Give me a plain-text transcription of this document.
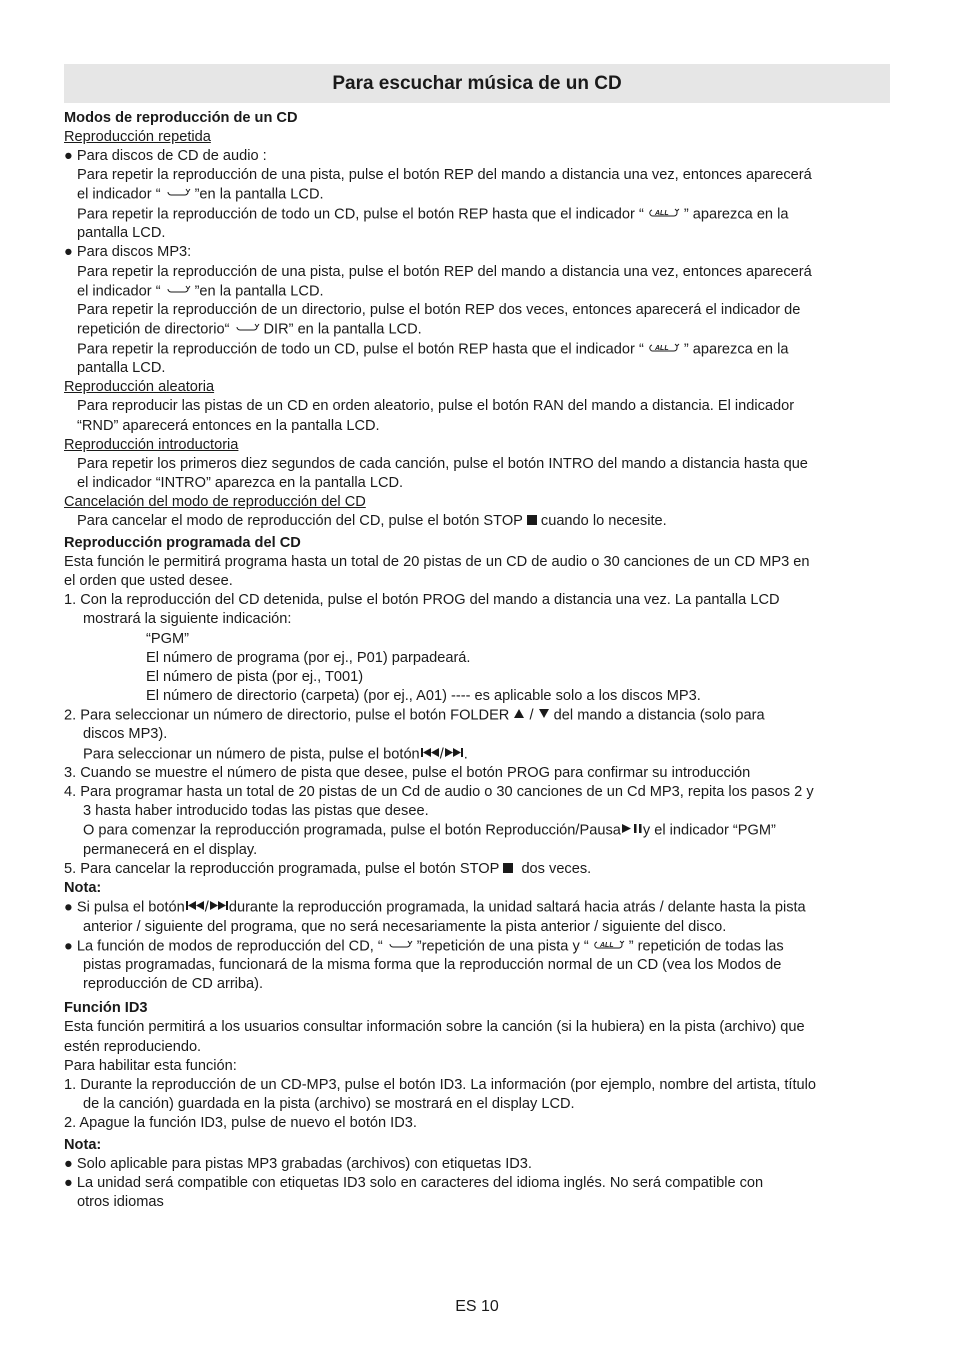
Para escuchar música de un CD
Modos de reproducción de un CD
Reproducción repetida
● Para discos de CD de audio :
Para repetir la reproducción de una pista, pulse el botón REP del mando a distancia una vez, entonces aparecerá
el indicador “ ”en la pantalla LCD.
Para repetir la reproducción de todo un CD, pulse el botón REP hasta que el indicador “ ALL ” aparezca en la
pantalla LCD.
● Para discos MP3:
Para repetir la reproducción de una pista, pulse el botón REP del mando a distancia una vez, entonces aparecerá
el indicador “ ”en la pantalla LCD.
Para repetir la reproducción de un directorio, pulse el botón REP dos veces, entonces aparecerá el indicador de
repetición de directorio“ DIR” en la pantalla LCD.
Para repetir la reproducción de todo un CD, pulse el botón REP hasta que el indicador “ ALL ” aparezca en la
pantalla LCD.
Reproducción aleatoria
Para reproducir las pistas de un CD en orden aleatorio, pulse el botón RAN del mando a distancia. El indicador
“RND” aparecerá entonces en la pantalla LCD.
Reproducción introductoria
Para repetir los primeros diez segundos de cada canción, pulse el botón INTRO del mando a distancia hasta que
el indicador “INTRO” aparezca en la pantalla LCD.
Cancelación del modo de reproducción del CD
Para cancelar el modo de reproducción del CD, pulse el botón STOP cuando lo necesite.
Reproducción programada del CD
Esta función le permitirá programa hasta un total de 20 pistas de un CD de audio o 30 canciones de un CD MP3 en
el orden que usted desee.
1. Con la reproducción del CD detenida, pulse el botón PROG del mando a distancia una vez. La pantalla LCD
mostrará la siguiente indicación:
“PGM”
El número de programa (por ej., P01) parpadeará.
El número de pista (por ej., T001)
El número de directorio (carpeta) (por ej., A01) ---- es aplicable solo a los discos MP3.
2. Para seleccionar un número de directorio, pulse el botón FOLDER / del mando a distancia (solo para
discos MP3).
Para seleccionar un número de pista, pulse el botón / .
3. Cuando se muestre el número de pista que desee, pulse el botón PROG para confirmar su introducción
4. Para programar hasta un total de 20 pistas de un Cd de audio o 30 canciones de un Cd MP3, repita los pasos 2 y
3 hasta haber introducido todas las pistas que desee.
O para comenzar la reproducción programada, pulse el botón Reproducción/Pausa y el indicador “PGM”
permanecerá en el display.
5. Para cancelar la reproducción programada, pulse el botón STOP dos veces.
Nota:
● Si pulsa el botón / durante la reproducción programada, la unidad saltará hacia atrás / delante hasta la pista
anterior / siguiente del programa, que no será necesariamente la pista anterior / siguiente del disco.
● La función de modos de reproducción del CD, “ ”repetición de una pista y “ ALL ” repetición de todas las
pistas programadas, funcionará de la misma forma que la reproducción normal de un CD (vea los Modos de
reproducción de CD arriba).
Función ID3
Esta función permitirá a los usuarios consultar información sobre la canción (si la hubiera) en la pista (archivo) que
estén reproduciendo.
Para habilitar esta función:
1. Durante la reproducción de un CD-MP3, pulse el botón ID3. La información (por ejemplo, nombre del artista, título
de la canción) guardada en la pista (archivo) se mostrará en el display LCD.
2. Apague la función ID3, pulse de nuevo el botón ID3.
Nota:
● Solo aplicable para pistas MP3 grabadas (archivos) con etiquetas ID3.
● La unidad será compatible con etiquetas ID3 solo en caracteres del idioma inglés. No será compatible con
otros idiomas
ES 10
